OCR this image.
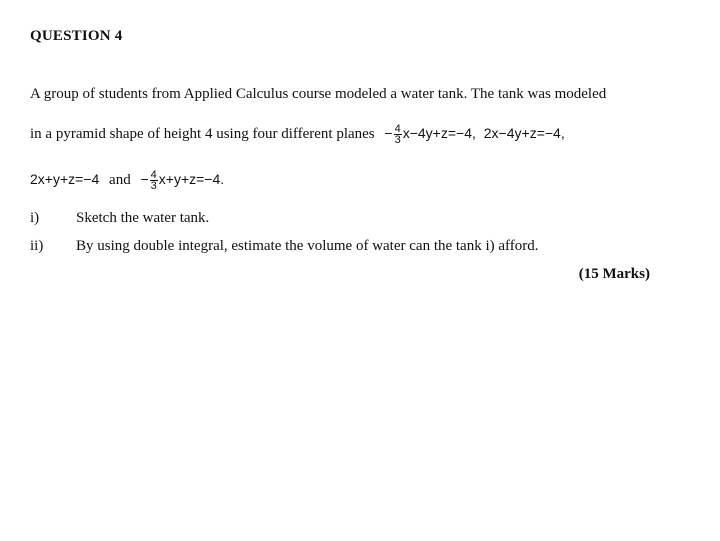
QUESTION 4
A group of students from Applied Calculus course modeled a water tank. The tank was modeled
in a pyramid shape of height 4 using four different planes − $\frac{4}{3} x-4y+z=-4$, 2x−4y+z=−4,
2x+y+z=−4 and − $\frac{4}{3} x+y+z=-4$.
i) Sketch the water tank.
ii) By using double integral, estimate the volume of water can the tank i) afford.
(15 Marks)
